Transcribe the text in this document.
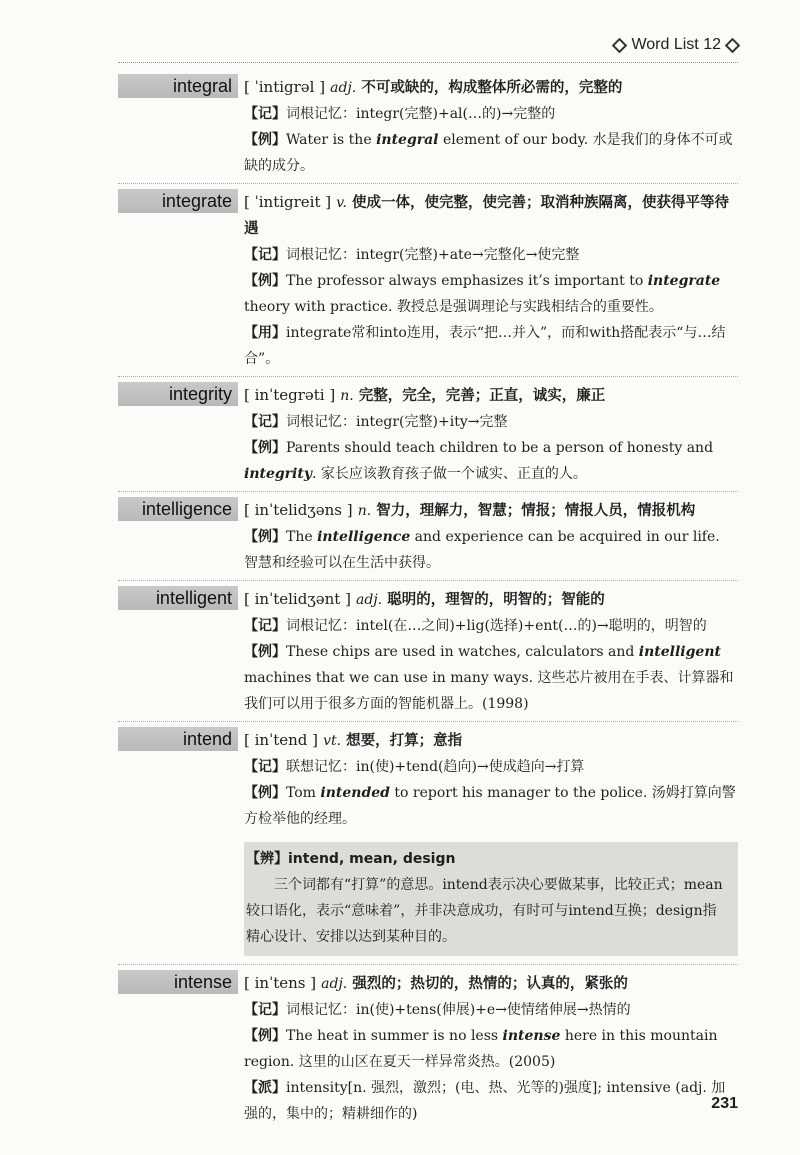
Word List 12
integral [ ˈintigrəl ] adj. 不可或缺的，构成整体所必需的，完整的
【记】词根记忆：integr(完整)+al(…的)→完整的
【例】Water is the integral element of our body. 水是我们的身体不可或缺的成分。
integrate [ ˈintigreit ] v. 使成一体，使完整，使完善；取消种族隔离，使获得平等待遇
【记】词根记忆：integr(完整)+ate→完整化→使完整
【例】The professor always emphasizes it’s important to integrate theory with practice. 教授总是强调理论与实践相结合的重要性。
【用】integrate常和into连用，表示“把…并入”，而和with搭配表示“与…结合”。
integrity [ inˈtegrəti ] n. 完整，完全，完善；正直，诚实，廉正
【记】词根记忆：integr(完整)+ity→完整
【例】Parents should teach children to be a person of honesty and integrity. 家长应该教育孩子做一个诚实、正直的人。
intelligence [ inˈtelidʒəns ] n. 智力，理解力，智慧；情报；情报人员，情报机构
【例】The intelligence and experience can be acquired in our life. 智慧和经验可以在生活中获得。
intelligent [ inˈtelidʒənt ] adj. 聪明的，理智的，明智的；智能的
【记】词根记忆：intel(在…之间)+lig(选择)+ent(…的)→聪明的，明智的
【例】These chips are used in watches, calculators and intelligent machines that we can use in many ways. 这些芯片被用在手表、计算器和我们可以用于很多方面的智能机器上。(1998)
intend [ inˈtend ] vt. 想要，打算；意指
【记】联想记忆：in(使)+tend(趋向)→使成趋向→打算
【例】Tom intended to report his manager to the police. 汤姆打算向警方检举他的经理。
【辨】intend, mean, design
三个词都有“打算”的意思。intend表示决心要做某事，比较正式；mean较口语化，表示“意味着”，并非决意成功，有时可与intend互换；design指精心设计、安排以达到某种目的。
intense [ inˈtens ] adj. 强烈的；热切的，热情的；认真的，紧张的
【记】词根记忆：in(使)+tens(伸展)+e→使情绪伸展→热情的
【例】The heat in summer is no less intense here in this mountain region. 这里的山区在夏天一样异常炎热。(2005)
【派】intensity[n. 强烈，激烈；(电、热、光等的)强度]; intensive (adj. 加强的，集中的；精耕细作的)
231
